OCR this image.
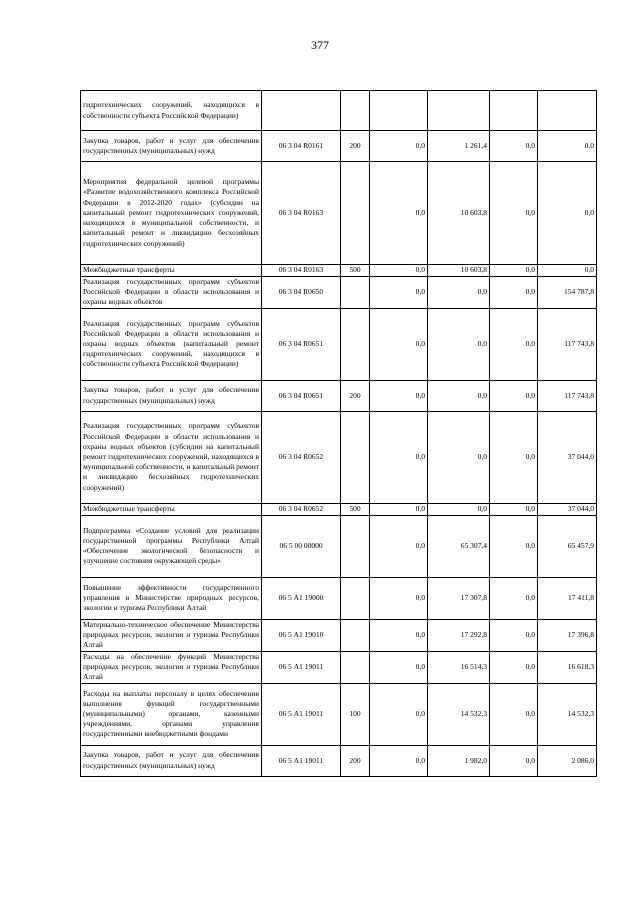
377
гидротехнических сооружений, находящихся в собственности субъекта Российской Федерации)						
Закупка товаров, работ и услуг для обеспечения государственных (муниципальных) нужд	06 3 04 R0161	200	0,0	1 261,4	0,0	0,0
Мероприятия федеральной целевой программы «Развитие водохозяйственного комплекса Российской Федерации в 2012-2020 годах» (субсидии на капитальный ремонт гидротехнических сооружений, находящихся в муниципальной собственности, и капитальный ремонт и ликвидацию бесхозяйных гидротехнических сооружений)	06 3 04 R0163		0,0	10 603,8	0,0	0,0
Межбюджетные трансферты	06 3 04 R0163	500	0,0	10 603,8	0,0	0,0
Реализация государственных программ субъектов Российской Федерации в области использования и охраны водных объектов	06 3 04 R0650		0,0	0,0	0,0	154 787,8
Реализация государственных программ субъектов Российской Федерации в области использования и охраны водных объектов (капитальный ремонт гидротехнических сооружений, находящихся в собственности субъекта Российской Федерации)	06 3 04 R0651		0,0	0,0	0,0	117 743,8
Закупка товаров, работ и услуг для обеспечения государственных (муниципальных) нужд	06 3 04 R0651	200	0,0	0,0	0,0	117 743,8
Реализация государственных программ субъектов Российской Федерации в области использования и охраны водных объектов (субсидии на капитальный ремонт гидротехнических сооружений, находящихся в муниципальной собственности, и капитальный ремонт и ликвидацию бесхозяйных гидротехнических сооружений)	06 3 04 R0652		0,0	0,0	0,0	37 044,0
Межбюджетные трансферты	06 3 04 R0652	500	0,0	0,0	0,0	37 044,0
Подпрограмма «Создание условий для реализации государственной программы Республики Алтай «Обеспечение экологической безопасности и улучшение состояния окружающей среды»	06 5 00 00000		0,0	65 307,4	0,0	65 457,9
Повышение эффективности государственного управления в Министерстве природных ресурсов, экологии и туризма Республики Алтай	06 5 А1 19000		0,0	17 307,8	0,0	17 411,8
Материально-техническое обеспечение Министерства природных ресурсов, экологии и туризма Республики Алтай	06 5 А1 19010		0,0	17 292,8	0,0	17 396,8
Расходы на обеспечение функций Министерства природных ресурсов, экологии и туризма Республики Алтай	06 5 А1 19011		0,0	16 514,3	0,0	16 618,3
Расходы на выплаты персоналу в целях обеспечения выполнения функций государственными (муниципальными) органами, казенными учреждениями, органами управления государственными внебюджетными фондами	06 5 А1 19011	100	0,0	14 532,3	0,0	14 532,3
Закупка товаров, работ и услуг для обеспечения государственных (муниципальных) нужд	06 5 А1 19011	200	0,0	1 982,0	0,0	2 086,0
